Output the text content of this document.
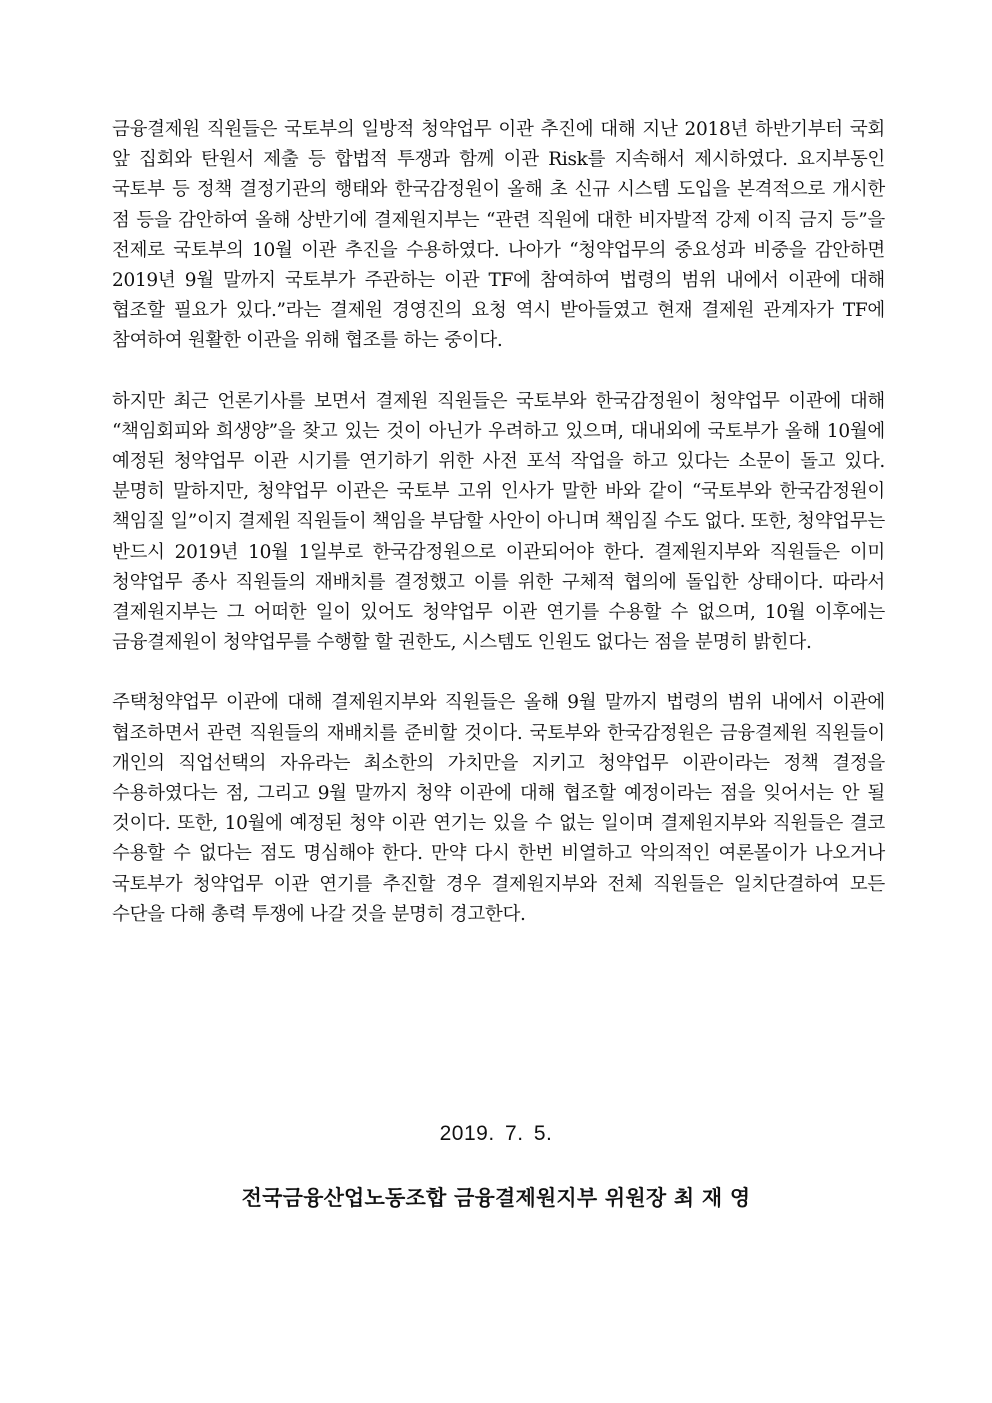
금융결제원 직원들은 국토부의 일방적 청약업무 이관 추진에 대해 지난 2018년 하반기부터 국회 앞 집회와 탄원서 제출 등 합법적 투쟁과 함께 이관 Risk를 지속해서 제시하였다. 요지부동인 국토부 등 정책 결정기관의 행태와 한국감정원이 올해 초 신규 시스템 도입을 본격적으로 개시한 점 등을 감안하여 올해 상반기에 결제원지부는 “관련 직원에 대한 비자발적 강제 이직 금지 등”을 전제로 국토부의 10월 이관 추진을 수용하였다. 나아가 “청약업무의 중요성과 비중을 감안하면 2019년 9월 말까지 국토부가 주관하는 이관 TF에 참여하여 법령의 범위 내에서 이관에 대해 협조할 필요가 있다.”라는 결제원 경영진의 요청 역시 받아들였고 현재 결제원 관계자가 TF에 참여하여 원활한 이관을 위해 협조를 하는 중이다.

하지만 최근 언론기사를 보면서 결제원 직원들은 국토부와 한국감정원이 청약업무 이관에 대해 “책임회피와 희생양”을 찾고 있는 것이 아닌가 우려하고 있으며, 대내외에 국토부가 올해 10월에 예정된 청약업무 이관 시기를 연기하기 위한 사전 포석 작업을 하고 있다는 소문이 돌고 있다. 분명히 말하지만, 청약업무 이관은 국토부 고위 인사가 말한 바와 같이 “국토부와 한국감정원이 책임질 일”이지 결제원 직원들이 책임을 부담할 사안이 아니며 책임질 수도 없다. 또한, 청약업무는 반드시 2019년 10월 1일부로 한국감정원으로 이관되어야 한다. 결제원지부와 직원들은 이미 청약업무 종사 직원들의 재배치를 결정했고 이를 위한 구체적 협의에 돌입한 상태이다. 따라서 결제원지부는 그 어떠한 일이 있어도 청약업무 이관 연기를 수용할 수 없으며, 10월 이후에는 금융결제원이 청약업무를 수행할 할 권한도, 시스템도 인원도 없다는 점을 분명히 밝힌다.

주택청약업무 이관에 대해 결제원지부와 직원들은 올해 9월 말까지 법령의 범위 내에서 이관에 협조하면서 관련 직원들의 재배치를 준비할 것이다. 국토부와 한국감정원은 금융결제원 직원들이 개인의 직업선택의 자유라는 최소한의 가치만을 지키고 청약업무 이관이라는 정책 결정을 수용하였다는 점, 그리고 9월 말까지 청약 이관에 대해 협조할 예정이라는 점을 잊어서는 안 될 것이다. 또한, 10월에 예정된 청약 이관 연기는 있을 수 없는 일이며 결제원지부와 직원들은 결코 수용할 수 없다는 점도 명심해야 한다. 만약 다시 한번 비열하고 악의적인 여론몰이가 나오거나 국토부가 청약업무 이관 연기를 추진할 경우 결제원지부와 전체 직원들은 일치단결하여 모든 수단을 다해 총력 투쟁에 나갈 것을 분명히 경고한다.

2019. 7. 5.
전국금융산업노동조합 금융결제원지부 위원장 최 재 영
